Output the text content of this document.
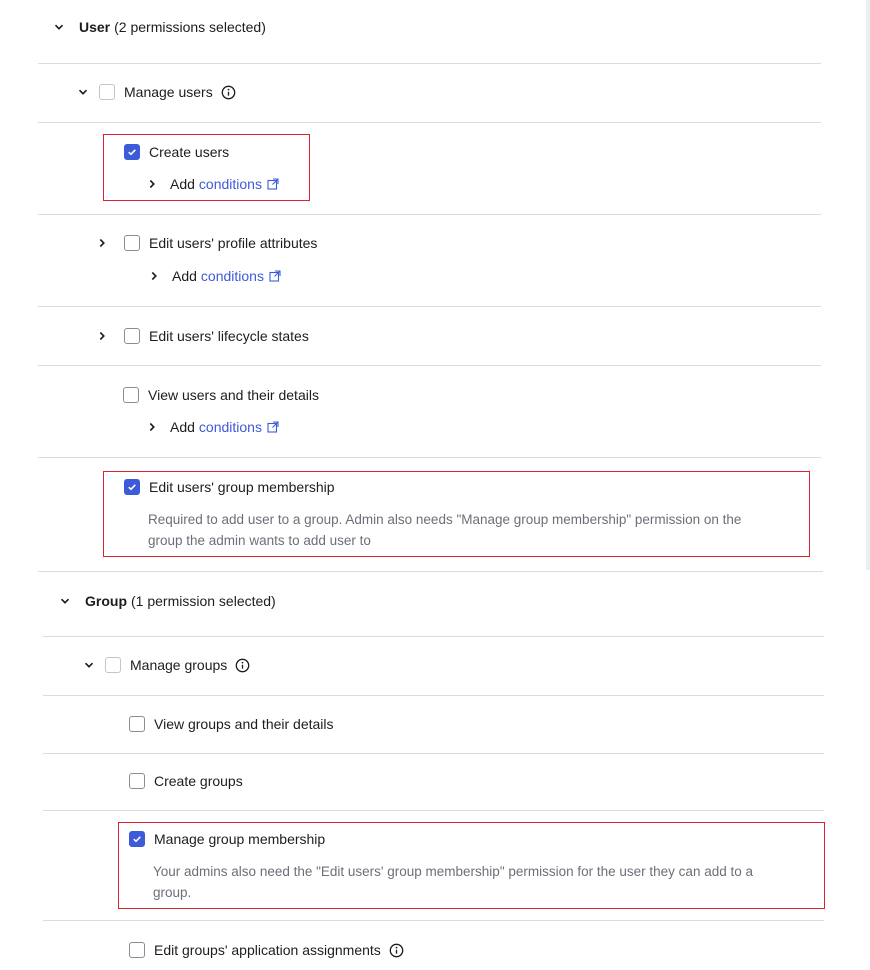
User (2 permissions selected)
Manage users
Create users
Add conditions
Edit users' profile attributes
Add conditions
Edit users' lifecycle states
View users and their details
Add conditions
Edit users' group membership
Required to add user to a group. Admin also needs "Manage group membership" permission on the
group the admin wants to add user to
Group (1 permission selected)
Manage groups
View groups and their details
Create groups
Manage group membership
Your admins also need the "Edit users' group membership" permission for the user they can add to a
group.
Edit groups' application assignments
